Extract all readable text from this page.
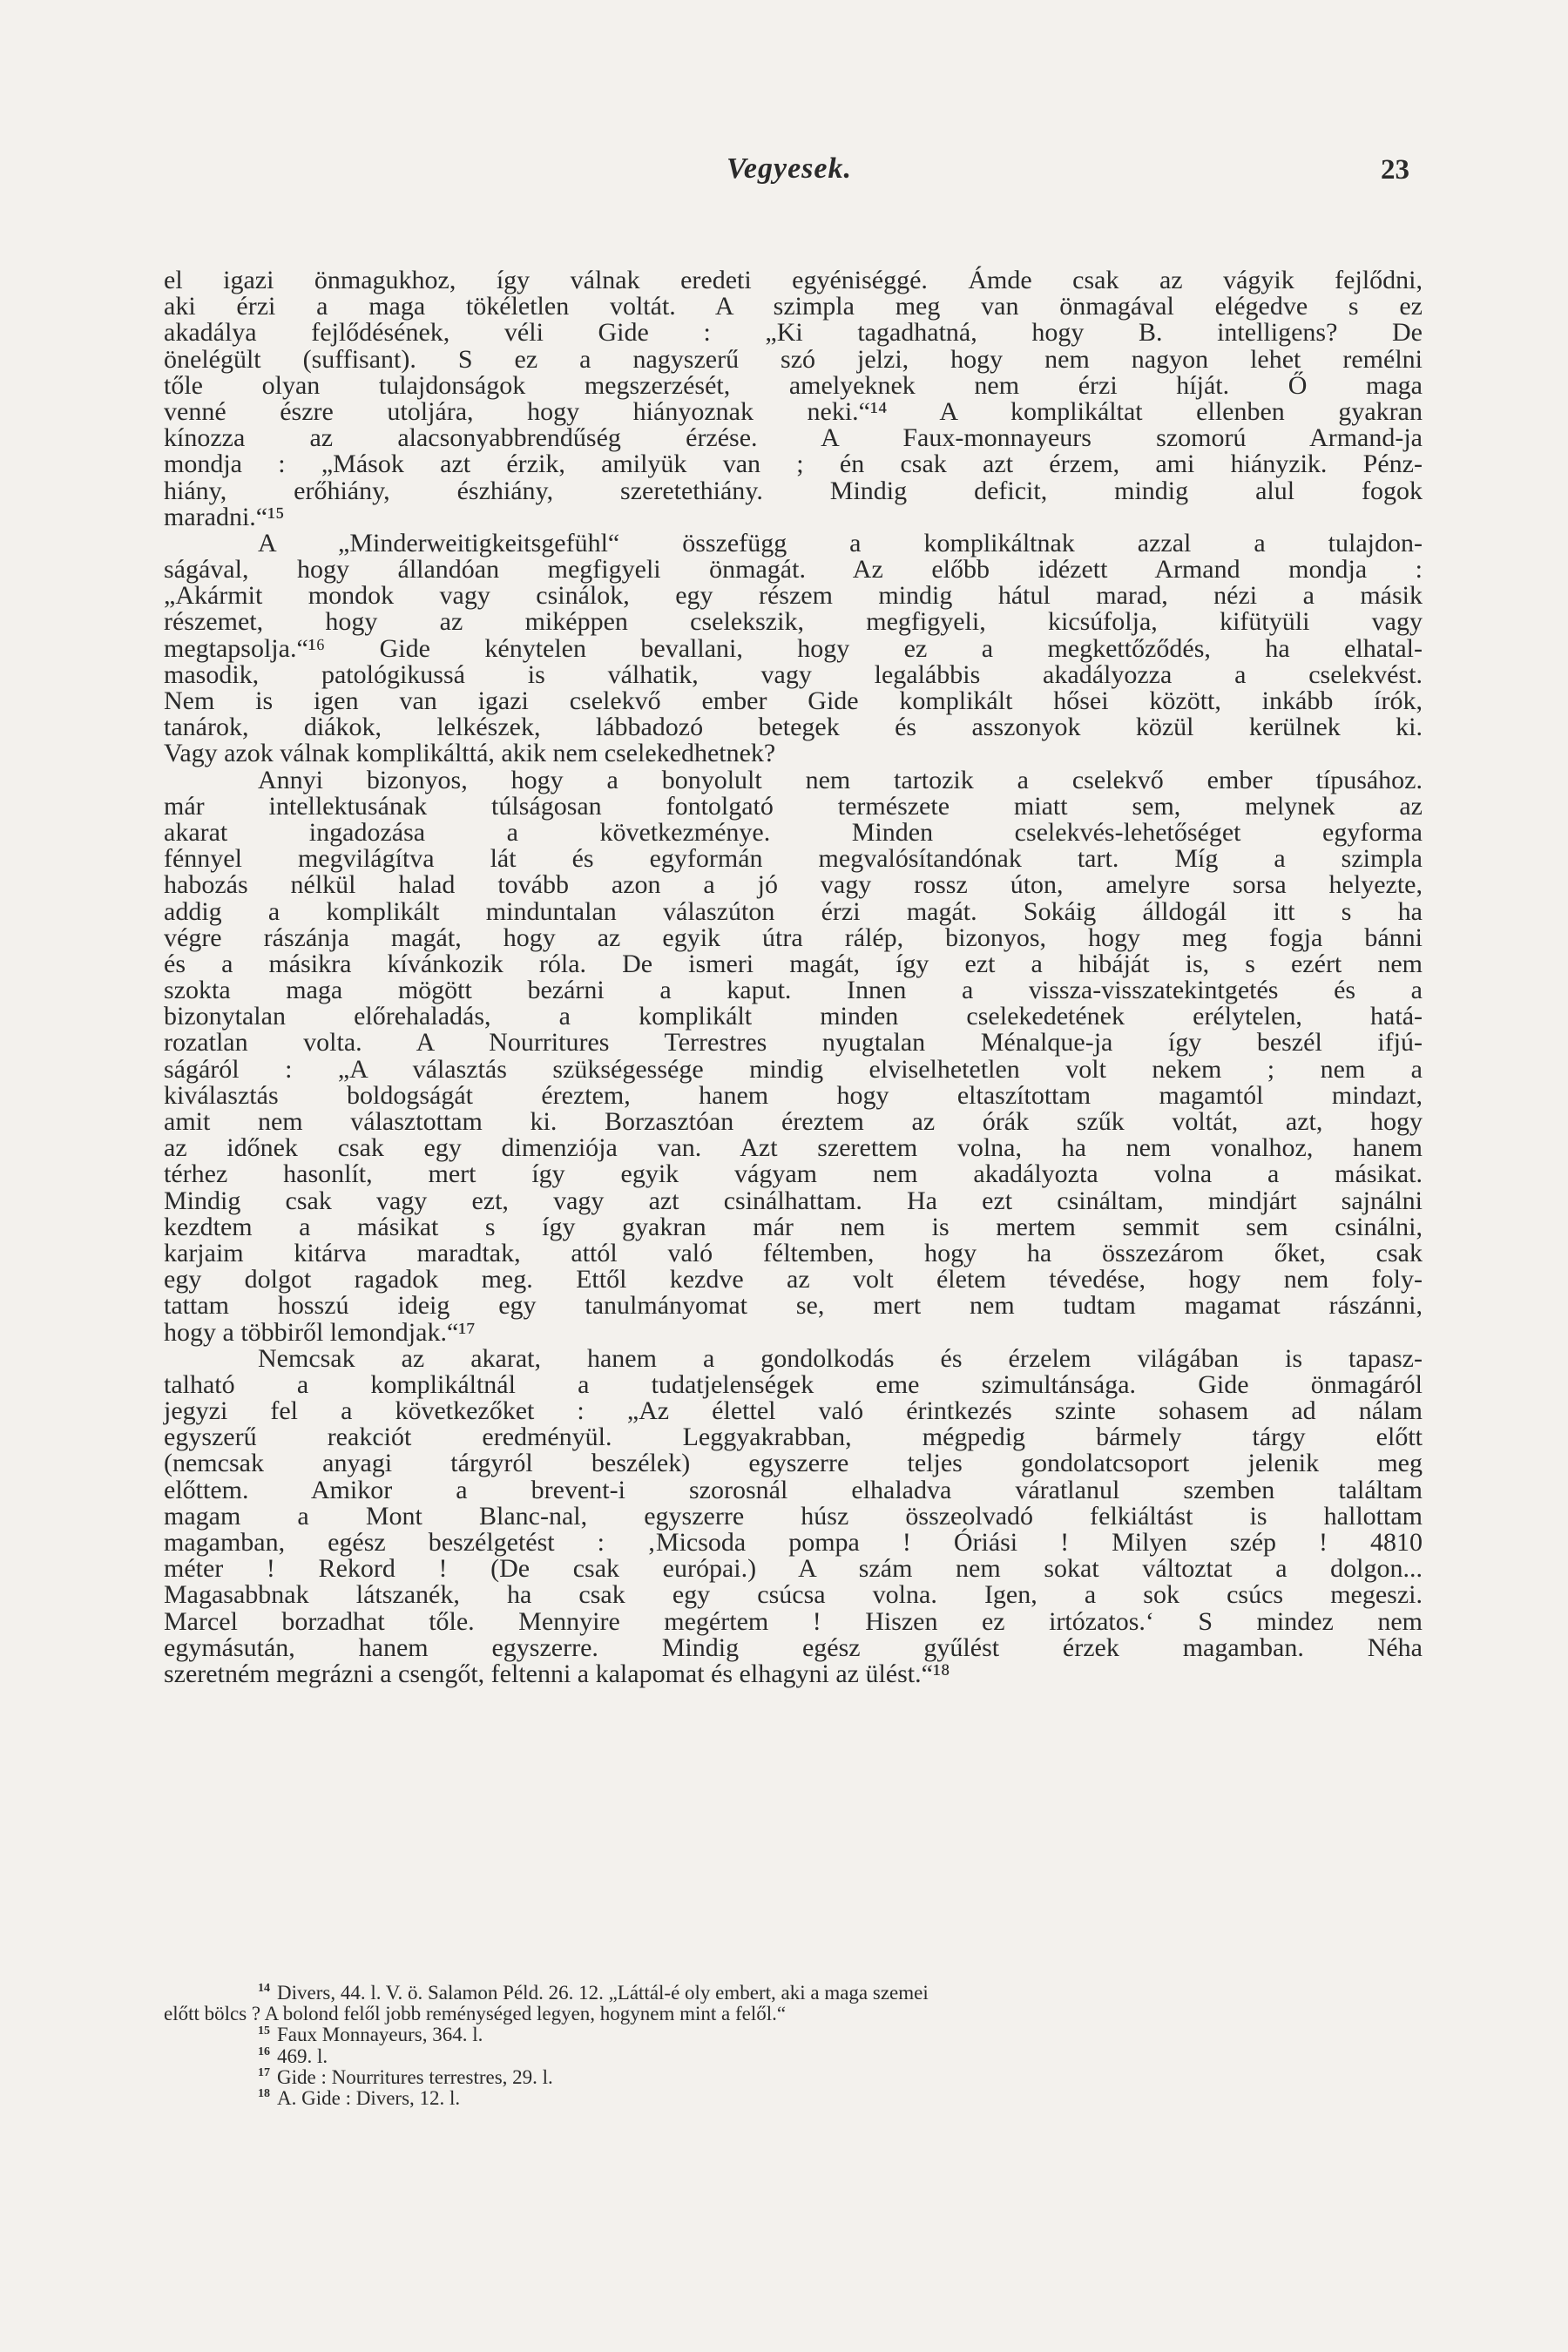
Vegyesek.	23
el igazi önmagukhoz, így válnak eredeti egyéniséggé. Ámde csak az vágyik fejlődni,
aki érzi a maga tökéletlen voltát. A szimpla meg van önmagával elégedve s ez
akadálya fejlődésének, véli Gide : „Ki tagadhatná, hogy B. intelligens? De
önelégült (suffisant). S ez a nagyszerű szó jelzi, hogy nem nagyon lehet remélni
tőle olyan tulajdonságok megszerzését, amelyeknek nem érzi híját. Ő maga
venné észre utoljára, hogy hiányoznak neki.“¹⁴ A komplikáltat ellenben gyakran
kínozza az alacsonyabbrendűség érzése. A Faux-monnayeurs szomorú Armand-ja
mondja : „Mások azt érzik, amilyük van ; én csak azt érzem, ami hiányzik. Pénz-
hiány, erőhiány, észhiány, szeretethiány. Mindig deficit, mindig alul fogok
maradni.“¹⁵
A „Minderweitigkeitsgefühl“ összefügg a komplikáltnak azzal a tulajdon-
ságával, hogy állandóan megfigyeli önmagát. Az előbb idézett Armand mondja :
„Akármit mondok vagy csinálok, egy részem mindig hátul marad, nézi a másik
részemet, hogy az miképpen cselekszik, megfigyeli, kicsúfolja, kifütyüli vagy
megtapsolja.“¹⁶ Gide kénytelen bevallani, hogy ez a megkettőződés, ha elhatal-
masodik, patológikussá is válhatik, vagy legalábbis akadályozza a cselekvést.
Nem is igen van igazi cselekvő ember Gide komplikált hősei között, inkább írók,
tanárok, diákok, lelkészek, lábbadozó betegek és asszonyok közül kerülnek ki.
Vagy azok válnak komplikálttá, akik nem cselekedhetnek?
Annyi bizonyos, hogy a bonyolult nem tartozik a cselekvő ember típusához.
már intellektusának túlságosan fontolgató természete miatt sem, melynek az
akarat ingadozása a következménye. Minden cselekvés-lehetőséget egyforma
fénnyel megvilágítva lát és egyformán megvalósítandónak tart. Míg a szimpla
habozás nélkül halad tovább azon a jó vagy rossz úton, amelyre sorsa helyezte,
addig a komplikált minduntalan válaszúton érzi magát. Sokáig álldogál itt s ha
végre rászánja magát, hogy az egyik útra rálép, bizonyos, hogy meg fogja bánni
és a másikra kívánkozik róla. De ismeri magát, így ezt a hibáját is, s ezért nem
szokta maga mögött bezárni a kaput. Innen a vissza-visszatekintgetés és a
bizonytalan előrehaladás, a komplikált minden cselekedetének erélytelen, hatá-
rozatlan volta. A Nourritures Terrestres nyugtalan Ménalque-ja így beszél ifjú-
ságáról : „A választás szükségessége mindig elviselhetetlen volt nekem ; nem a
kiválasztás boldogságát éreztem, hanem hogy eltaszítottam magamtól mindazt,
amit nem választottam ki. Borzasztóan éreztem az órák szűk voltát, azt, hogy
az időnek csak egy dimenziója van. Azt szerettem volna, ha nem vonalhoz, hanem
térhez hasonlít, mert így egyik vágyam nem akadályozta volna a másikat.
Mindig csak vagy ezt, vagy azt csinálhattam. Ha ezt csináltam, mindjárt sajnálni
kezdtem a másikat s így gyakran már nem is mertem semmit sem csinálni,
karjaim kitárva maradtak, attól való féltemben, hogy ha összezárom őket, csak
egy dolgot ragadok meg. Ettől kezdve az volt életem tévedése, hogy nem foly-
tattam hosszú ideig egy tanulmányomat se, mert nem tudtam magamat rászánni,
hogy a többiről lemondjak.“¹⁷
Nemcsak az akarat, hanem a gondolkodás és érzelem világában is tapasz-
talható a komplikáltnál a tudatjelenségek eme szimultánsága. Gide önmagáról
jegyzi fel a következőket : „Az élettel való érintkezés szinte sohasem ad nálam
egyszerű reakciót eredményül. Leggyakrabban, mégpedig bármely tárgy előtt
(nemcsak anyagi tárgyról beszélek) egyszerre teljes gondolatcsoport jelenik meg
előttem. Amikor a brevent-i szorosnál elhaladva váratlanul szemben találtam
magam a Mont Blanc-nal, egyszerre húsz összeolvadó felkiáltást is hallottam
magamban, egész beszélgetést : ‚Micsoda pompa ! Óriási ! Milyen szép ! 4810
méter ! Rekord ! (De csak európai.) A szám nem sokat változtat a dolgon...
Magasabbnak látszanék, ha csak egy csúcsa volna. Igen, a sok csúcs megeszi.
Marcel borzadhat tőle. Mennyire megértem ! Hiszen ez irtózatos.‘ S mindez nem
egymásután, hanem egyszerre. Mindig egész gyűlést érzek magamban. Néha
szeretném megrázni a csengőt, feltenni a kalapomat és elhagyni az ülést.“¹⁸
$^{14}$ Divers, 44. l. V. ö. Salamon Péld. 26. 12. „Láttál-é oly embert, aki a maga szemei
előtt bölcs ? A bolond felől jobb reménységed legyen, hogynem mint a felől.“
$^{15}$ Faux Monnayeurs, 364. l.
$^{16}$ 469. l.
$^{17}$ Gide : Nourritures terrestres, 29. l.
$^{18}$ A. Gide : Divers, 12. l.
